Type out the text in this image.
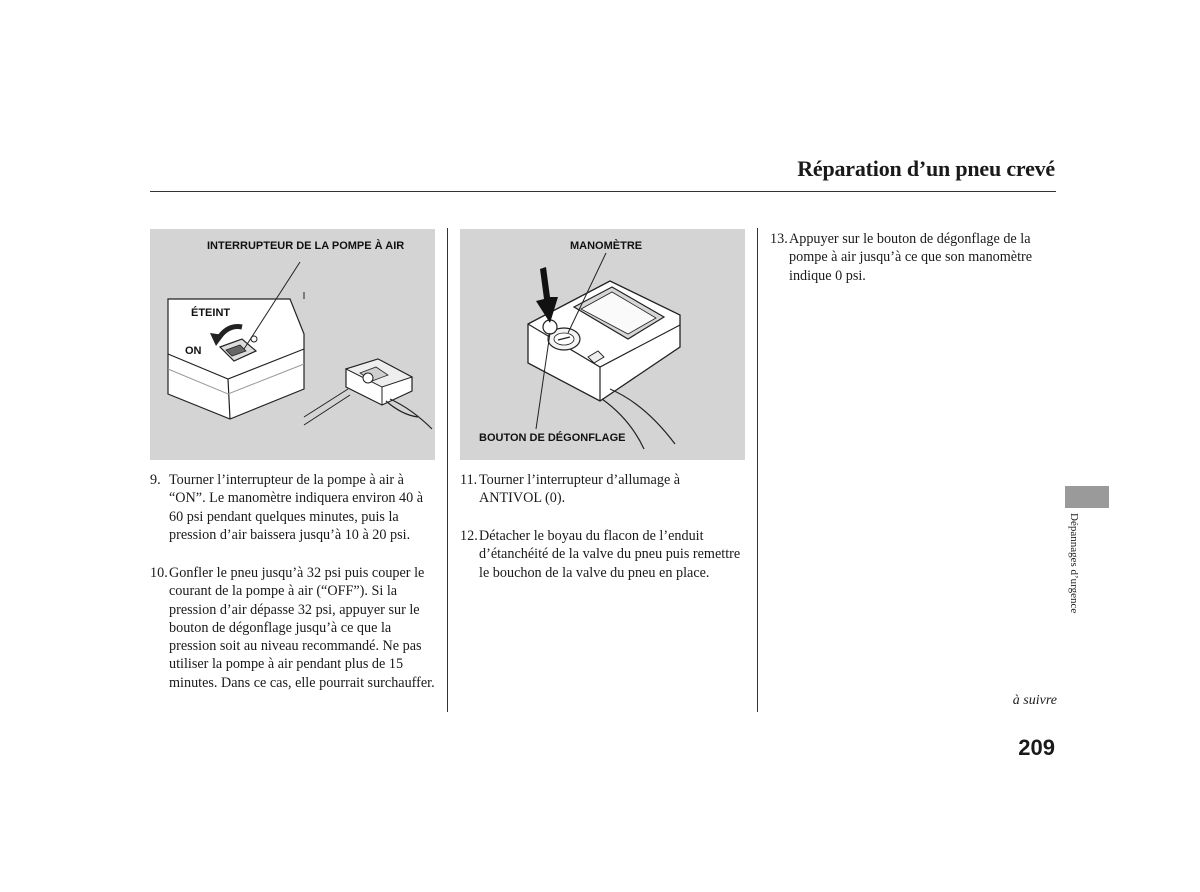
Réparation d’un pneu crevé
INTERRUPTEUR DE LA POMPE À AIR
ÉTEINT
ON
MANOMÈTRE
BOUTON DE DÉGONFLAGE
9. Tourner l’interrupteur de la pompe à air à “ON”. Le manomètre indiquera environ 40 à 60 psi pendant quelques minutes, puis la pression d’air baissera jusqu’à 10 à 20 psi.
10. Gonfler le pneu jusqu’à 32 psi puis couper le courant de la pompe à air (“OFF”). Si la pression d’air dépasse 32 psi, appuyer sur le bouton de dégonflage jusqu’à ce que la pression soit au niveau recommandé. Ne pas utiliser la pompe à air pendant plus de 15 minutes. Dans ce cas, elle pourrait surchauffer.
11. Tourner l’interrupteur d’allumage à ANTIVOL (0).
12. Détacher le boyau du flacon de l’enduit d’étanchéité de la valve du pneu puis remettre le bouchon de la valve du pneu en place.
13. Appuyer sur le bouton de dégonflage de la pompe à air jusqu’à ce que son manomètre indique 0 psi.
Dépannages d’urgence
à suivre
209
